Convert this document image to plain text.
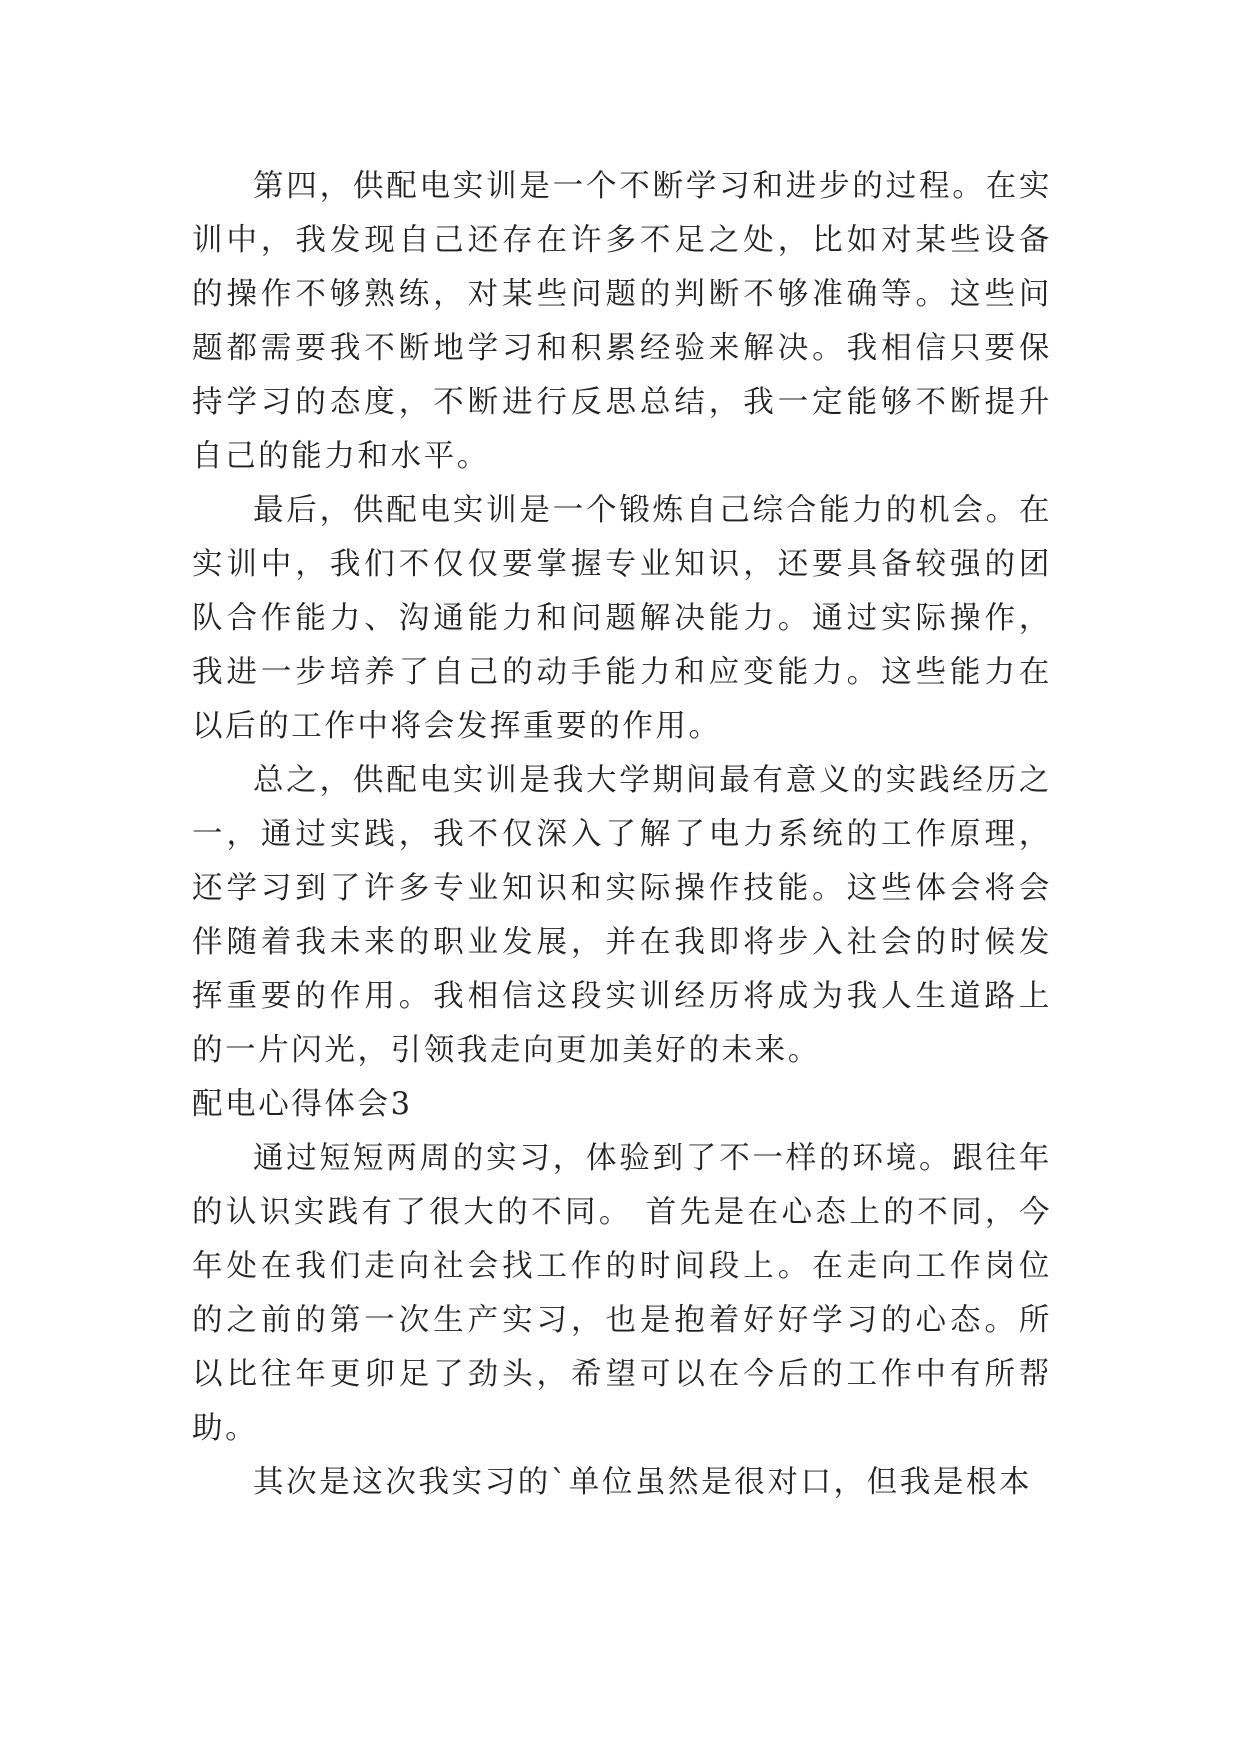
第四，供配电实训是一个不断学习和进步的过程。在实训中，我发现自己还存在许多不足之处，比如对某些设备的操作不够熟练，对某些问题的判断不够准确等。这些问题都需要我不断地学习和积累经验来解决。我相信只要保持学习的态度，不断进行反思总结，我一定能够不断提升自己的能力和水平。

最后，供配电实训是一个锻炼自己综合能力的机会。在实训中，我们不仅仅要掌握专业知识，还要具备较强的团队合作能力、沟通能力和问题解决能力。通过实际操作，我进一步培养了自己的动手能力和应变能力。这些能力在以后的工作中将会发挥重要的作用。

总之，供配电实训是我大学期间最有意义的实践经历之一，通过实践，我不仅深入了解了电力系统的工作原理，还学习到了许多专业知识和实际操作技能。这些体会将会伴随着我未来的职业发展，并在我即将步入社会的时候发挥重要的作用。我相信这段实训经历将成为我人生道路上的一片闪光，引领我走向更加美好的未来。

配电心得体会3

通过短短两周的实习，体验到了不一样的环境。跟往年的认识实践有了很大的不同。 首先是在心态上的不同，今年处在我们走向社会找工作的时间段上。在走向工作岗位的之前的第一次生产实习，也是抱着好好学习的心态。所以比往年更卯足了劲头，希望可以在今后的工作中有所帮助。

其次是这次我实习的`单位虽然是很对口，但我是根本
